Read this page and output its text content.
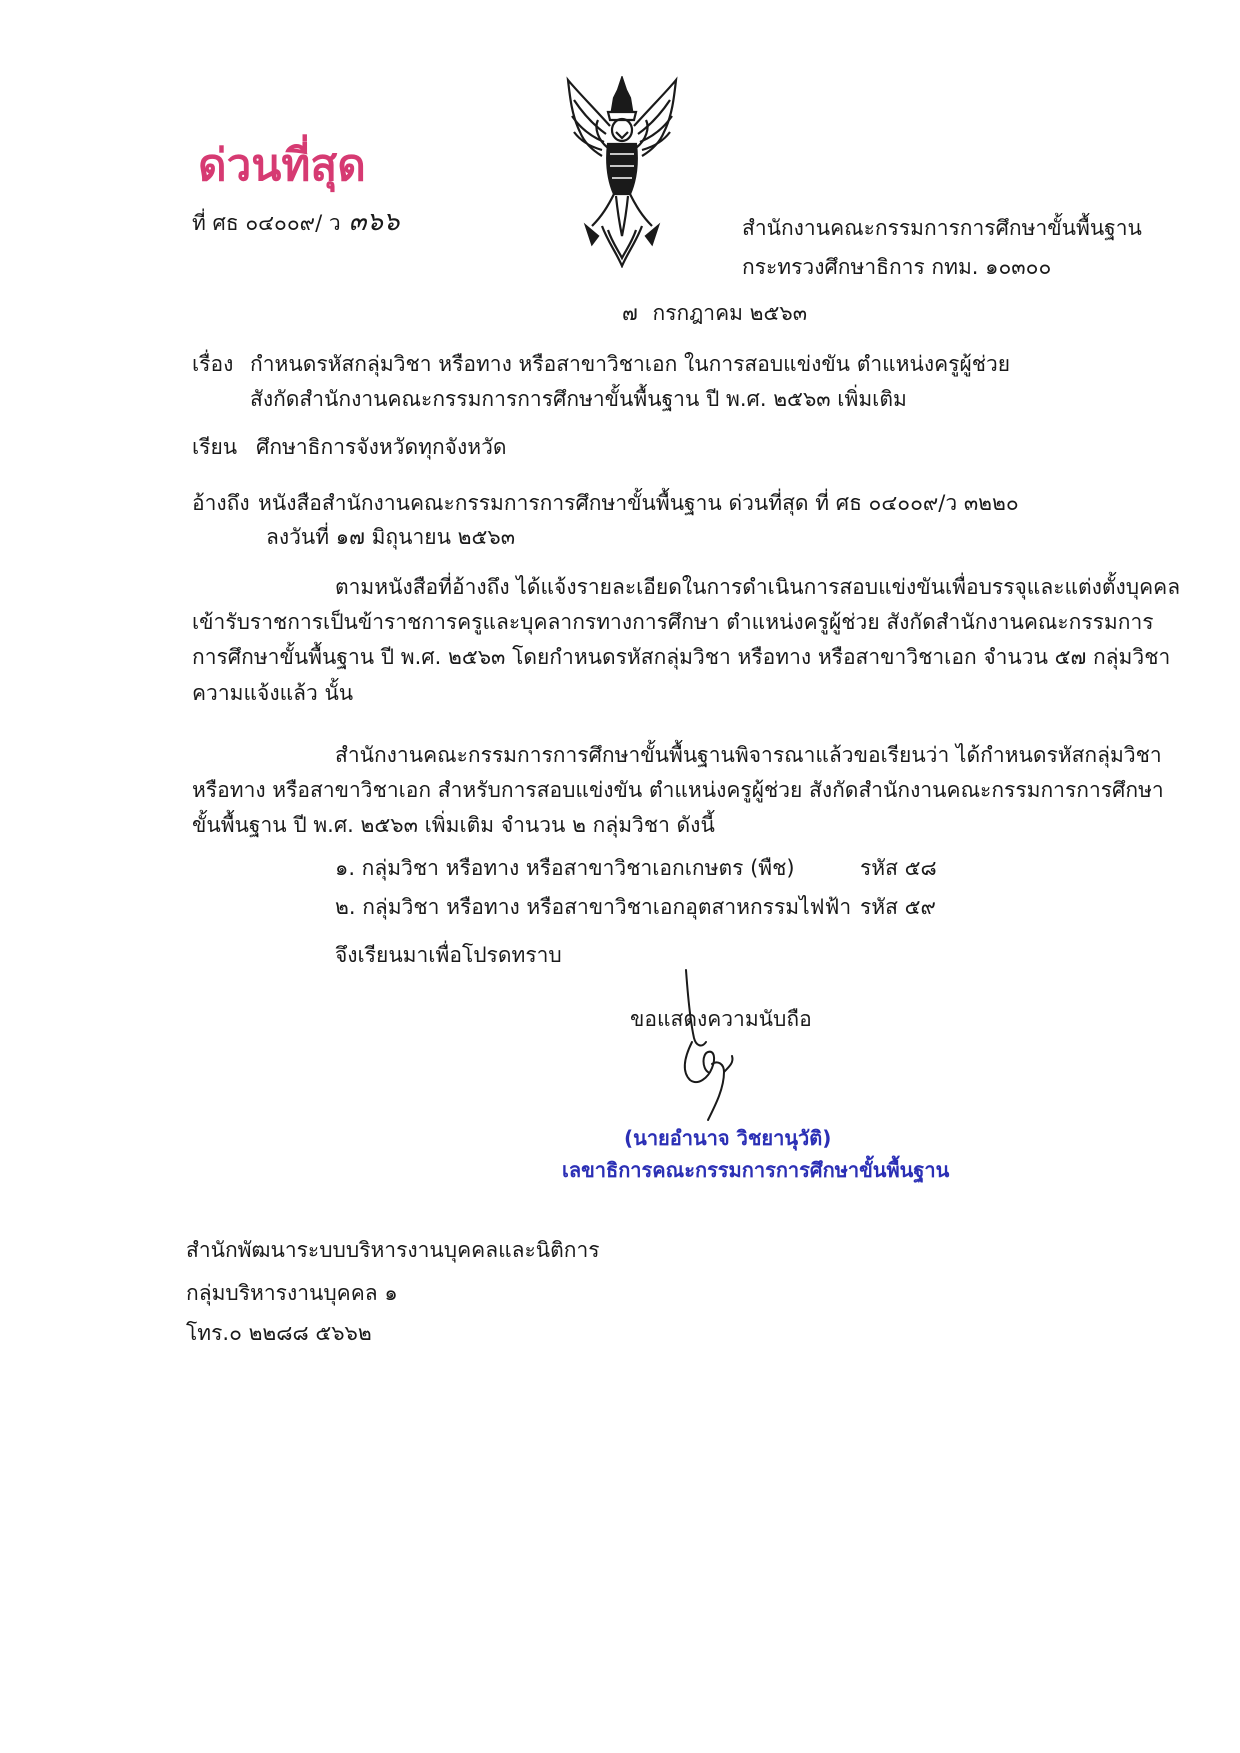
ด่วนที่สุด
ที่ ศธ ๐๔๐๐๙/ ว ๓๖๖	สำนักงานคณะกรรมการการศึกษาขั้นพื้นฐาน
กระทรวงศึกษาธิการ กทม. ๑๐๓๐๐
๗ กรกฎาคม ๒๕๖๓
เรื่อง กำหนดรหัสกลุ่มวิชา หรือทาง หรือสาขาวิชาเอก ในการสอบแข่งขัน ตำแหน่งครูผู้ช่วย
สังกัดสำนักงานคณะกรรมการการศึกษาขั้นพื้นฐาน ปี พ.ศ. ๒๕๖๓ เพิ่มเติม
เรียน ศึกษาธิการจังหวัดทุกจังหวัด
อ้างถึง หนังสือสำนักงานคณะกรรมการการศึกษาขั้นพื้นฐาน ด่วนที่สุด ที่ ศธ ๐๔๐๐๙/ว ๓๒๒๐
ลงวันที่ ๑๗ มิถุนายน ๒๕๖๓
ตามหนังสือที่อ้างถึง ได้แจ้งรายละเอียดในการดำเนินการสอบแข่งขันเพื่อบรรจุและแต่งตั้งบุคคล
เข้ารับราชการเป็นข้าราชการครูและบุคลากรทางการศึกษา ตำแหน่งครูผู้ช่วย สังกัดสำนักงานคณะกรรมการ
การศึกษาขั้นพื้นฐาน ปี พ.ศ. ๒๕๖๓ โดยกำหนดรหัสกลุ่มวิชา หรือทาง หรือสาขาวิชาเอก จำนวน ๕๗ กลุ่มวิชา
ความแจ้งแล้ว นั้น
สำนักงานคณะกรรมการการศึกษาขั้นพื้นฐานพิจารณาแล้วขอเรียนว่า ได้กำหนดรหัสกลุ่มวิชา
หรือทาง หรือสาขาวิชาเอก สำหรับการสอบแข่งขัน ตำแหน่งครูผู้ช่วย สังกัดสำนักงานคณะกรรมการการศึกษา
ขั้นพื้นฐาน ปี พ.ศ. ๒๕๖๓ เพิ่มเติม จำนวน ๒ กลุ่มวิชา ดังนี้
๑. กลุ่มวิชา หรือทาง หรือสาขาวิชาเอกเกษตร (พืช)	รหัส ๕๘
๒. กลุ่มวิชา หรือทาง หรือสาขาวิชาเอกอุตสาหกรรมไฟฟ้า รหัส ๕๙
จึงเรียนมาเพื่อโปรดทราบ
ขอแสดงความนับถือ
(นายอำนาจ วิชยานุวัติ)
เลขาธิการคณะกรรมการการศึกษาขั้นพื้นฐาน
สำนักพัฒนาระบบบริหารงานบุคคลและนิติการ
กลุ่มบริหารงานบุคคล ๑
โทร.๐ ๒๒๘๘ ๕๖๖๒
